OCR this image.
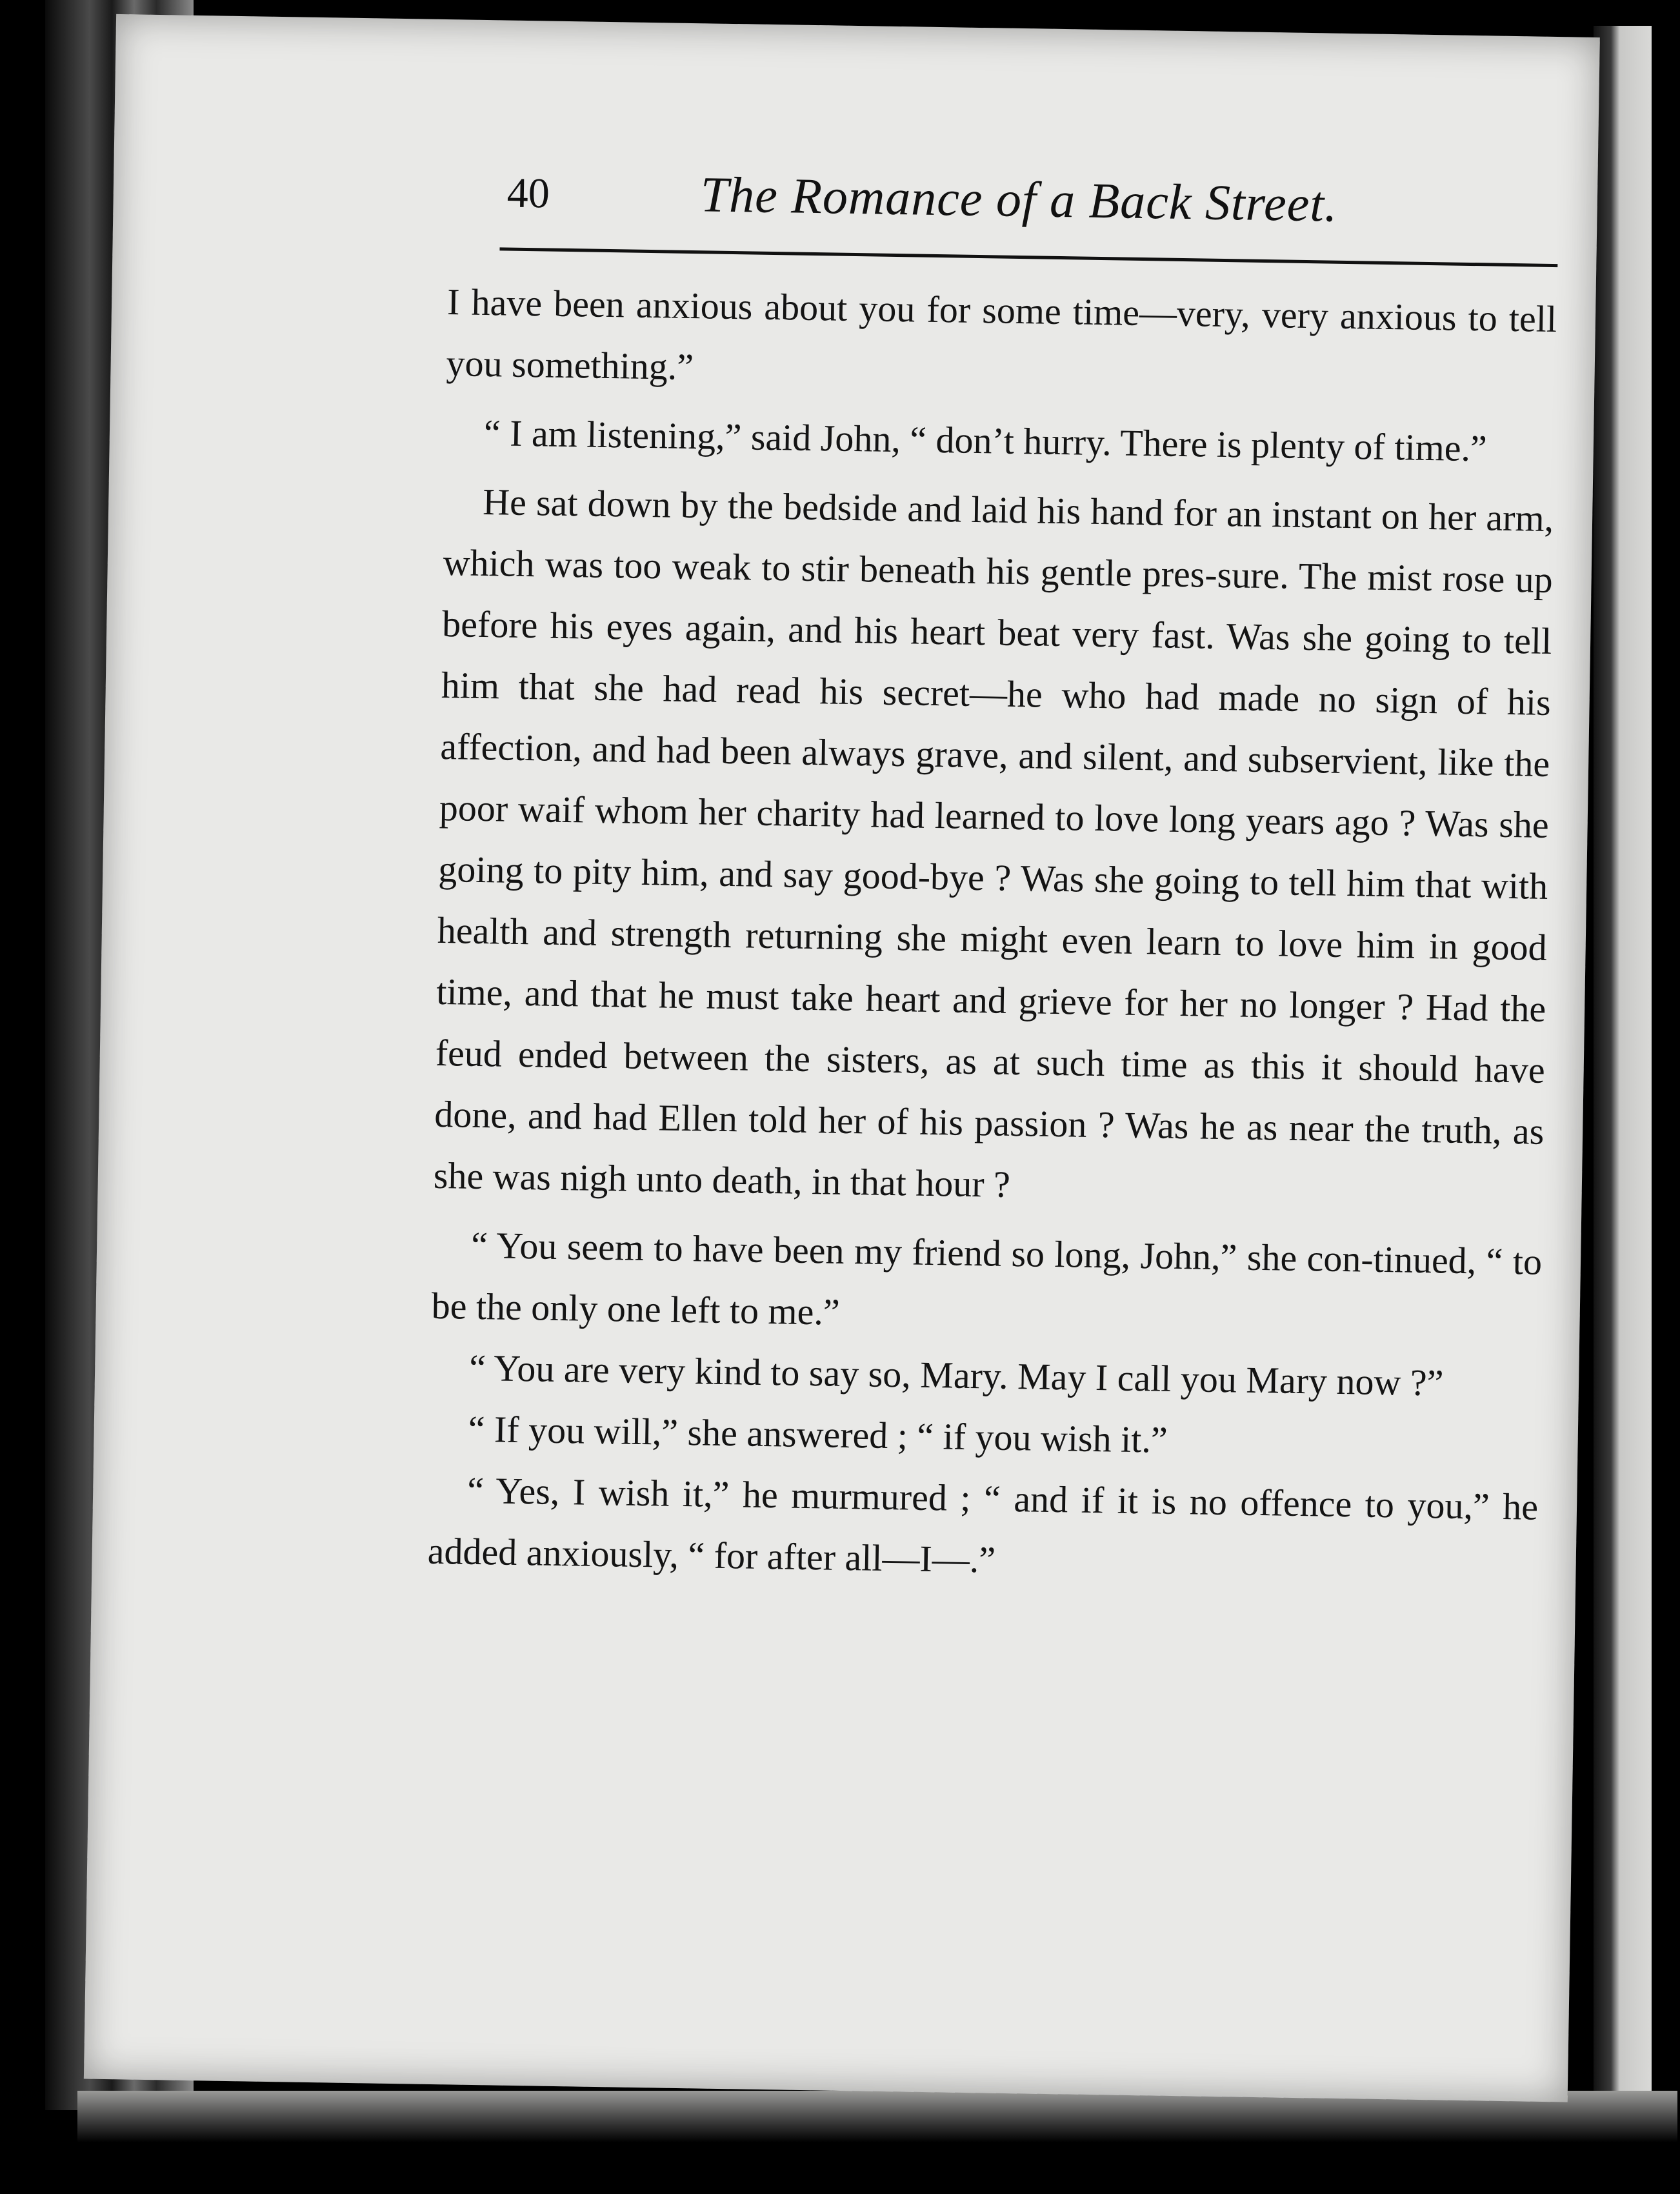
40	The Romance of a Back Street.

I have been anxious about you for some time—very, very anxious to tell you something.”

“ I am listening,” said John, “ don’t hurry. There is plenty of time.”

He sat down by the bedside and laid his hand for an instant on her arm, which was too weak to stir beneath his gentle pres-sure. The mist rose up before his eyes again, and his heart beat very fast. Was she going to tell him that she had read his secret—he who had made no sign of his affection, and had been always grave, and silent, and subservient, like the poor waif whom her charity had learned to love long years ago ? Was she going to pity him, and say good-bye ? Was she going to tell him that with health and strength returning she might even learn to love him in good time, and that he must take heart and grieve for her no longer ? Had the feud ended between the sisters, as at such time as this it should have done, and had Ellen told her of his passion ? Was he as near the truth, as she was nigh unto death, in that hour ?

“ You seem to have been my friend so long, John,” she con-tinued, “ to be the only one left to me.”

“ You are very kind to say so, Mary. May I call you Mary now ?”

“ If you will,” she answered ; “ if you wish it.”

“ Yes, I wish it,” he murmured ; “ and if it is no offence to you,” he added anxiously, “ for after all—I—.”
